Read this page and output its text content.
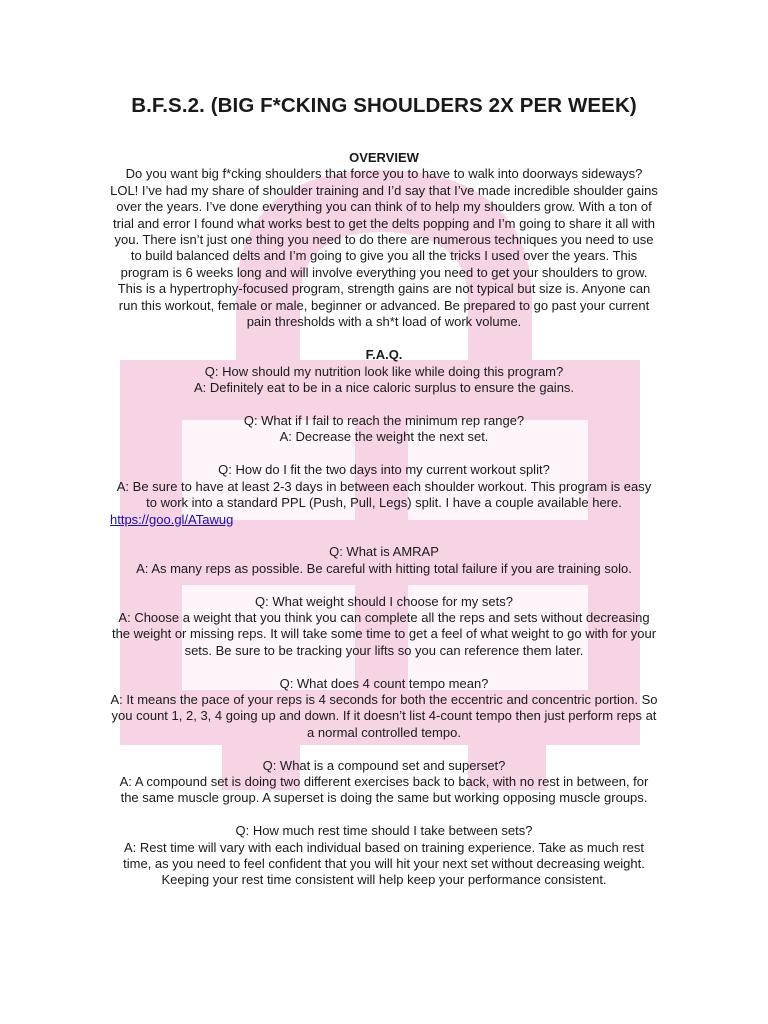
B.F.S.2. (BIG F*CKING SHOULDERS 2X PER WEEK)
OVERVIEW

Do you want big f*cking shoulders that force you to have to walk into doorways sideways? LOL! I’ve had my share of shoulder training and I’d say that I’ve made incredible shoulder gains over the years. I’ve done everything you can think of to help my shoulders grow. With a ton of trial and error I found what works best to get the delts popping and I’m going to share it all with you. There isn’t just one thing you need to do there are numerous techniques you need to use to build balanced delts and I’m going to give you all the tricks I used over the years. This program is 6 weeks long and will involve everything you need to get your shoulders to grow. This is a hypertrophy-focused program, strength gains are not typical but size is. Anyone can run this workout, female or male, beginner or advanced. Be prepared to go past your current pain thresholds with a sh*t load of work volume.

F.A.Q.

Q: How should my nutrition look like while doing this program?

A: Definitely eat to be in a nice caloric surplus to ensure the gains.

Q: What if I fail to reach the minimum rep range?

A: Decrease the weight the next set.

Q: How do I fit the two days into my current workout split?

A: Be sure to have at least 2-3 days in between each shoulder workout. This program is easy to work into a standard PPL (Push, Pull, Legs) split. I have a couple available here.

https://goo.gl/ATawug

Q: What is AMRAP

A: As many reps as possible. Be careful with hitting total failure if you are training solo.

Q: What weight should I choose for my sets?

A: Choose a weight that you think you can complete all the reps and sets without decreasing the weight or missing reps. It will take some time to get a feel of what weight to go with for your sets. Be sure to be tracking your lifts so you can reference them later.

Q: What does 4 count tempo mean?

A: It means the pace of your reps is 4 seconds for both the eccentric and concentric portion. So you count 1, 2, 3, 4 going up and down. If it doesn’t list 4-count tempo then just perform reps at a normal controlled tempo.

Q: What is a compound set and superset?

A: A compound set is doing two different exercises back to back, with no rest in between, for the same muscle group. A superset is doing the same but working opposing muscle groups.

Q: How much rest time should I take between sets?

A: Rest time will vary with each individual based on training experience. Take as much rest time, as you need to feel confident that you will hit your next set without decreasing weight. Keeping your rest time consistent will help keep your performance consistent.
